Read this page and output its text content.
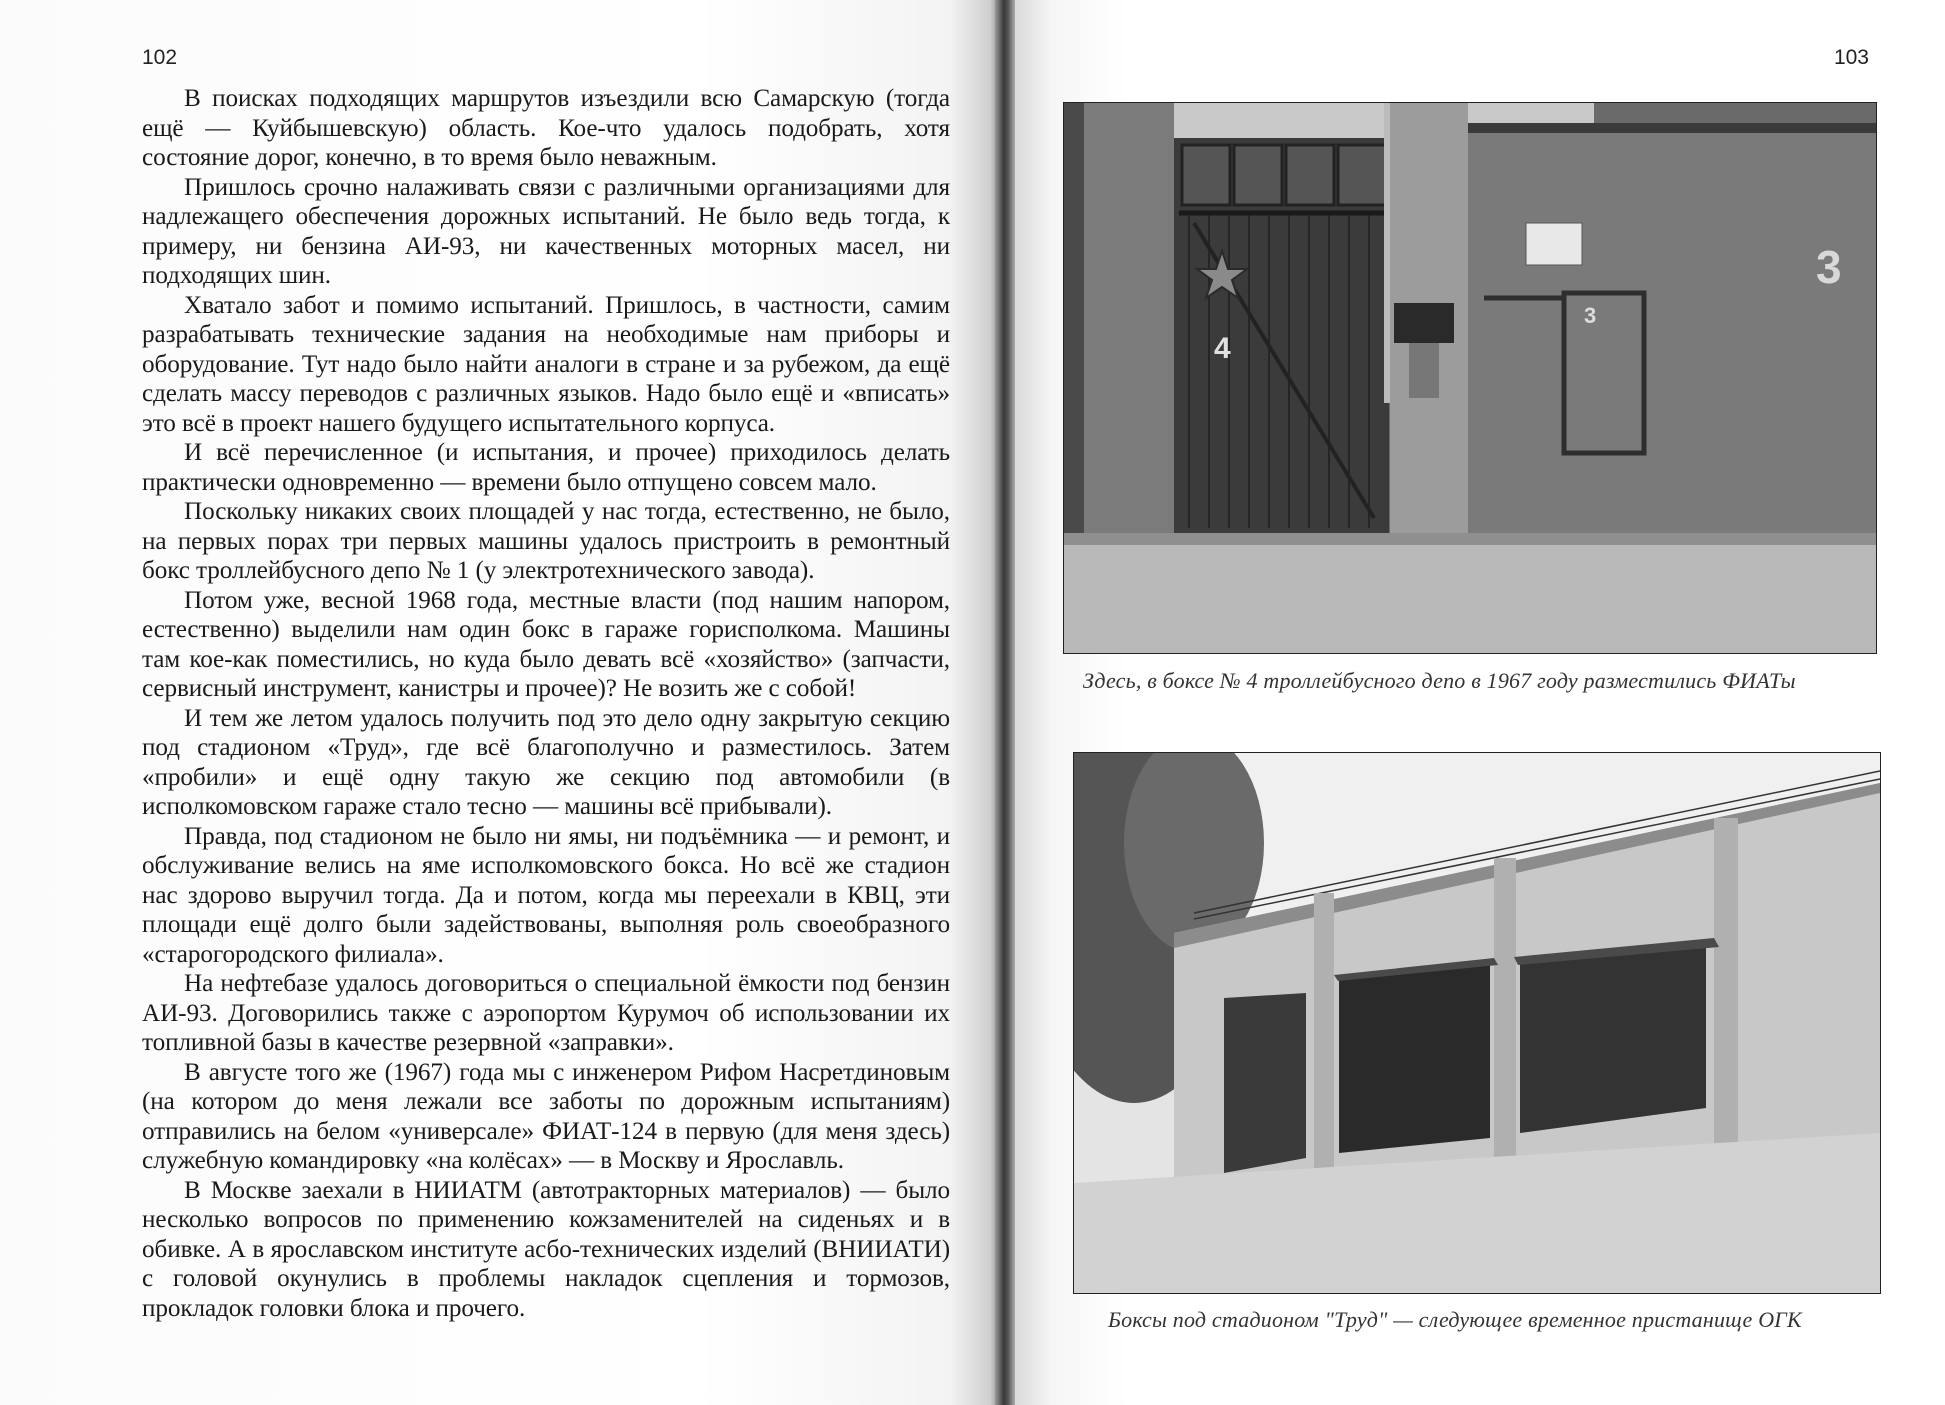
102

В поисках подходящих маршрутов изъездили всю Самарскую (тогда ещё — Куйбышевскую) область. Кое-что удалось подобрать, хотя состояние дорог, конечно, в то время было неважным.

Пришлось срочно налаживать связи с различными организациями для надлежащего обеспечения дорожных испытаний. Не было ведь тогда, к примеру, ни бензина АИ-93, ни качественных моторных масел, ни подходящих шин.

Хватало забот и помимо испытаний. Пришлось, в частности, самим разрабатывать технические задания на необходимые нам приборы и оборудование. Тут надо было найти аналоги в стране и за рубежом, да ещё сделать массу переводов с различных языков. Надо было ещё и «вписать» это всё в проект нашего будущего испытательного корпуса.

И всё перечисленное (и испытания, и прочее) приходилось делать практически одновременно — времени было отпущено совсем мало.

Поскольку никаких своих площадей у нас тогда, естественно, не было, на первых порах три первых машины удалось пристроить в ремонтный бокс троллейбусного депо № 1 (у электротехнического завода).

Потом уже, весной 1968 года, местные власти (под нашим напором, естественно) выделили нам один бокс в гараже горисполкома. Машины там кое-как поместились, но куда было девать всё «хозяйство» (запчасти, сервисный инструмент, канистры и прочее)? Не возить же с собой!

И тем же летом удалось получить под это дело одну закрытую секцию под стадионом «Труд», где всё благополучно и разместилось. Затем «пробили» и ещё одну такую же секцию под автомобили (в исполкомовском гараже стало тесно — машины всё прибывали).

Правда, под стадионом не было ни ямы, ни подъёмника — и ремонт, и обслуживание велись на яме исполкомовского бокса. Но всё же стадион нас здорово выручил тогда. Да и потом, когда мы переехали в КВЦ, эти площади ещё долго были задействованы, выполняя роль своеобразного «старогородского филиала».

На нефтебазе удалось договориться о специальной ёмкости под бензин АИ-93. Договорились также с аэропортом Курумоч об использовании их топливной базы в качестве резервной «заправки».

В августе того же (1967) года мы с инженером Рифом Насретдиновым (на котором до меня лежали все заботы по дорожным испытаниям) отправились на белом «универсале» ФИАТ-124 в первую (для меня здесь) служебную командировку «на колёсах» — в Москву и Ярославль.

В Москве заехали в НИИАТМ (автотракторных материалов) — было несколько вопросов по применению кожзаменителей на сиденьях и в обивке. А в ярославском институте асбо-технических изделий (ВНИИАТИ) с головой окунулись в проблемы накладок сцепления и тормозов, прокладок головки блока и прочего.

103
4
3
3
Здесь, в боксе № 4 троллейбусного депо в 1967 году разместились ФИАТы
Боксы под стадионом "Труд" — следующее временное пристанище ОГК
